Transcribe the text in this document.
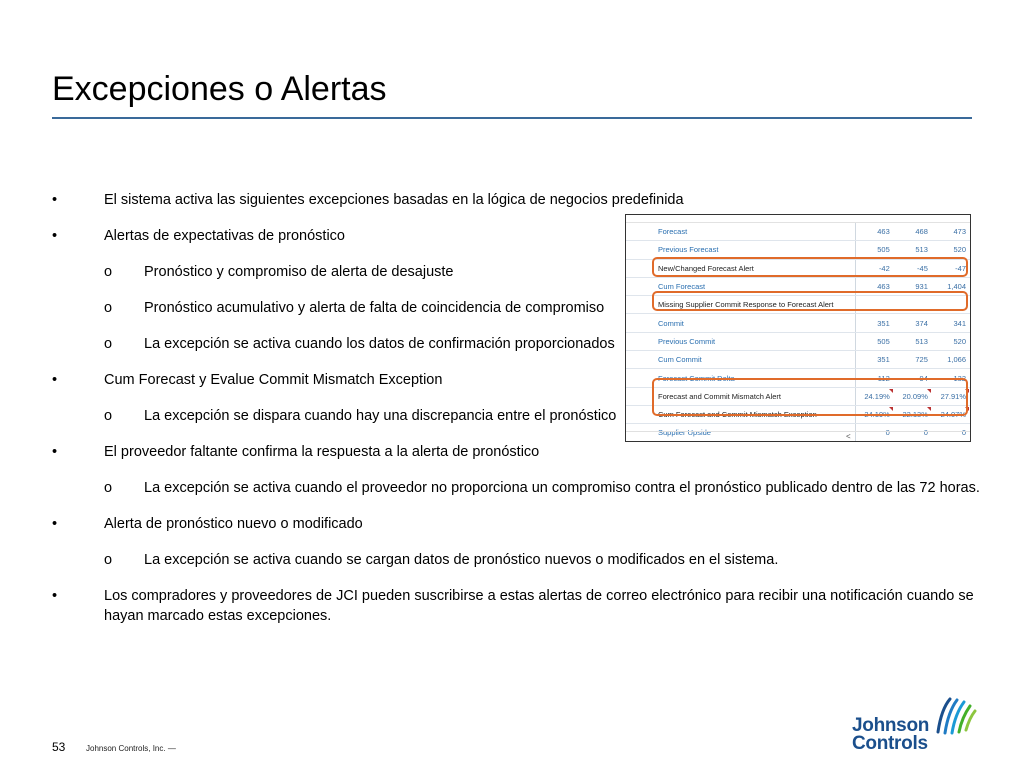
Excepciones o Alertas

•	El sistema activa las siguientes excepciones basadas en la lógica de negocios predefinida

•	Alertas de expectativas de pronóstico

o Pronóstico y compromiso de alerta de desajuste

o Pronóstico acumulativo y alerta de falta de coincidencia de compromiso

o La excepción se activa cuando los datos de confirmación proporcionados

•	Cum Forecast y Evalue Commit Mismatch Exception

o La excepción se dispara cuando hay una discrepancia entre el pronóstico

•	El proveedor faltante confirma la respuesta a la alerta de pronóstico

o La excepción se activa cuando el proveedor no proporciona un compromiso contra el pronóstico publicado dentro de las 72 horas.

•	Alerta de pronóstico nuevo o modificado

o La excepción se activa cuando se cargan datos de pronóstico nuevos o modificados en el sistema.

•	Los compradores y proveedores de JCI pueden suscribirse a estas alertas de correo electrónico para recibir una notificación cuando se hayan marcado estas excepciones.

Forecast	463	468	473
Previous Forecast	505	513	520
New/Changed Forecast Alert	-42	-45	-47
Cum Forecast	463	931	1,404
Missing Supplier Commit Response to Forecast Alert			
Commit	351	374	341
Previous Commit	505	513	520
Cum Commit	351	725	1,066
Forecast Commit Delta	-112	-94	-132
Forecast and Commit Mismatch Alert	24.19%	20.09%	27.91%
Cum Forecast and Commit Mismatch Exception	24.19%	22.13%	24.07%
Supplier Upside	0	0	0
<
53	Johnson Controls, Inc. —
Johnson
Controls
